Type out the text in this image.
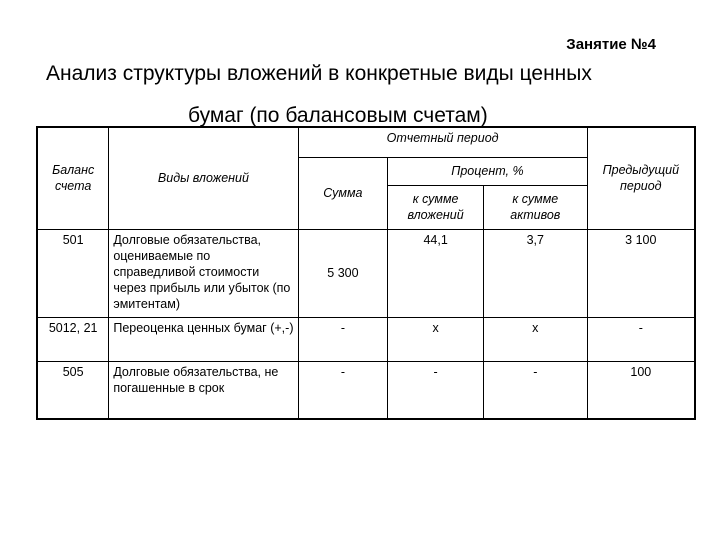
Занятие №4
Анализ структуры вложений в конкретные виды ценных
бумаг (по балансовым счетам)
Баланс счета	Виды вложений	Отчетный период			Предыдущий период
		Сумма	Процент, %		
			к сумме вложений	к сумме активов	
501	Долговые обязательства, оцениваемые по справедливой стоимости через прибыль или убыток (по эмитентам)	5 300	44,1	3,7	3 100
5012, 21	Переоценка ценных бумаг (+,-)	-	х	х	-
505	Долговые обязательства, не погашенные в срок	-	-	-	100
